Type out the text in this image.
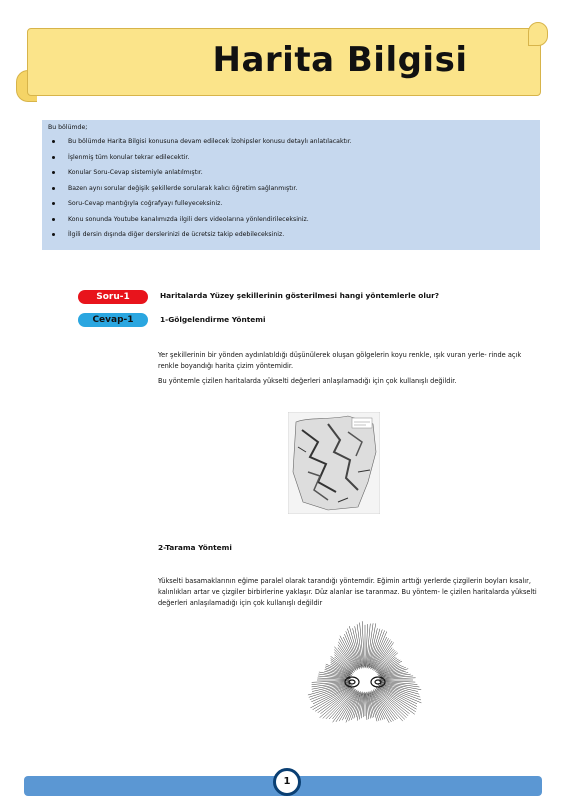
Harita Bilgisi
Bu bölümde;
Bu bölümde Harita Bilgisi konusuna devam edilecek İzohipsler konusu detaylı anlatılacaktır.
İşlenmiş tüm konular tekrar edilecektir.
Konular Soru-Cevap sistemiyle anlatılmıştır.
Bazen aynı sorular değişik şekillerde sorularak kalıcı öğretim sağlanmıştır.
Soru-Cevap mantığıyla coğrafyayı fulleyeceksiniz.
Konu sonunda Youtube kanalımızda ilgili ders videolarına yönlendirileceksiniz.
İlgili dersin dışında diğer derslerinizi de ücretsiz takip edebileceksiniz.
Soru-1	Haritalarda Yüzey şekillerinin gösterilmesi hangi yöntemlerle olur?
Cevap-1	1-Gölgelendirme Yöntemi
Yer şekillerinin bir yönden aydınlatıldığı düşünülerek oluşan gölgelerin koyu renkle, ışık vuran yerle- rinde açık renkle boyandığı harita çizim yöntemidir.
Bu yöntemle çizilen haritalarda yükselti değerleri anlaşılamadığı için çok kullanışlı değildir.
2-Tarama Yöntemi
Yükselti basamaklarının eğime paralel olarak tarandığı yöntemdir. Eğimin arttığı yerlerde çizgilerin boyları kısalır, kalınlıkları artar ve çizgiler birbirlerine yaklaşır. Düz alanlar ise taranmaz. Bu yöntem- le çizilen haritalarda yükselti değerleri anlaşılamadığı için çok kullanışlı değildir
1
